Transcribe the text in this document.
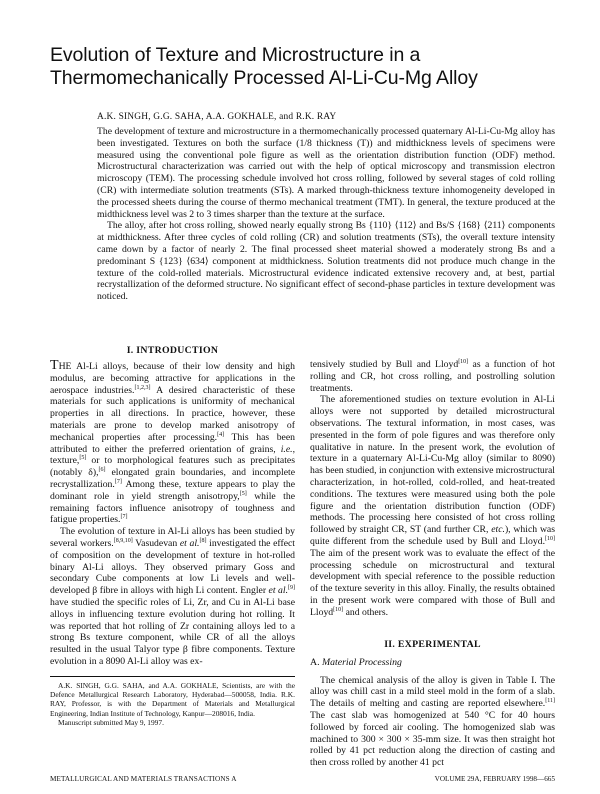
Evolution of Texture and Microstructure in a
Thermomechanically Processed Al-Li-Cu-Mg Alloy
A.K. SINGH, G.G. SAHA, A.A. GOKHALE, and R.K. RAY

The development of texture and microstructure in a thermomechanically processed quaternary Al-Li-Cu-Mg alloy has been investigated. Textures on both the surface (1/8 thickness (T)) and midthickness levels of specimens were measured using the conventional pole figure as well as the orientation distribution function (ODF) method. Microstructural characterization was carried out with the help of optical microscopy and transmission electron microscopy (TEM). The processing schedule involved hot cross rolling, followed by several stages of cold rolling (CR) with intermediate solution treatments (STs). A marked through-thickness texture inhomogeneity developed in the processed sheets during the course of thermo mechanical treatment (TMT). In general, the texture produced at the midthickness level was 2 to 3 times sharper than the texture at the surface.

The alloy, after hot cross rolling, showed nearly equally strong Bs {110} ⟨112⟩ and Bs/S {168} ⟨211⟩ components at midthickness. After three cycles of cold rolling (CR) and solution treatments (STs), the overall texture intensity came down by a factor of nearly 2. The final processed sheet material showed a moderately strong Bs and a predominant S {123} ⟨634⟩ component at midthickness. Solution treatments did not produce much change in the texture of the cold-rolled materials. Microstructural evidence indicated extensive recovery and, at best, partial recrystallization of the deformed structure. No significant effect of second-phase particles in texture development was noticed.

I. INTRODUCTION

THE Al-Li alloys, because of their low density and high modulus, are becoming attractive for applications in the aerospace industries.[1,2,3] A desired characteristic of these materials for such applications is uniformity of mechanical properties in all directions. In practice, however, these materials are prone to develop marked anisotropy of mechanical properties after processing.[4] This has been attributed to either the preferred orientation of grains, i.e., texture,[5] or to morphological features such as precipitates (notably δ),[6] elongated grain boundaries, and incomplete recrystallization.[7] Among these, texture appears to play the dominant role in yield strength anisotropy,[5] while the remaining factors influence anisotropy of toughness and fatigue properties.[7]

The evolution of texture in Al-Li alloys has been studied by several workers.[8,9,10] Vasudevan et al.[8] investigated the effect of composition on the development of texture in hot-rolled binary Al-Li alloys. They observed primary Goss and secondary Cube components at low Li levels and well-developed β fibre in alloys with high Li content. Engler et al.[9] have studied the specific roles of Li, Zr, and Cu in Al-Li base alloys in influencing texture evolution during hot rolling. It was reported that hot rolling of Zr containing alloys led to a strong Bs texture component, while CR of all the alloys resulted in the usual Talyor type β fibre components. Texture evolution in a 8090 Al-Li alloy was ex-

tensively studied by Bull and Lloyd[10] as a function of hot rolling and CR, hot cross rolling, and postrolling solution treatments.

The aforementioned studies on texture evolution in Al-Li alloys were not supported by detailed microstructural observations. The textural information, in most cases, was presented in the form of pole figures and was therefore only qualitative in nature. In the present work, the evolution of texture in a quaternary Al-Li-Cu-Mg alloy (similar to 8090) has been studied, in conjunction with extensive microstructural characterization, in hot-rolled, cold-rolled, and heat-treated conditions. The textures were measured using both the pole figure and the orientation distribution function (ODF) methods. The processing here consisted of hot cross rolling followed by straight CR, ST (and further CR, etc.), which was quite different from the schedule used by Bull and Lloyd.[10] The aim of the present work was to evaluate the effect of the processing schedule on microstructural and textural development with special reference to the possible reduction of the texture severity in this alloy. Finally, the results obtained in the present work were compared with those of Bull and Lloyd[10] and others.

II. EXPERIMENTAL
A. Material Processing

The chemical analysis of the alloy is given in Table I. The alloy was chill cast in a mild steel mold in the form of a slab. The details of melting and casting are reported elsewhere.[11] The cast slab was homogenized at 540 °C for 40 hours followed by forced air cooling. The homogenized slab was machined to 300 × 300 × 35-mm size. It was then straight hot rolled by 41 pct reduction along the direction of casting and then cross rolled by another 41 pct

A.K. SINGH, G.G. SAHA, and A.A. GOKHALE, Scientists, are with the Defence Metallurgical Research Laboratory, Hyderabad—500058, India. R.K. RAY, Professor, is with the Department of Materials and Metallurgical Engineering, Indian Institute of Technology, Kanpur—208016, India.

Manuscript submitted May 9, 1997.

METALLURGICAL AND MATERIALS TRANSACTIONS A	VOLUME 29A, FEBRUARY 1998—665
